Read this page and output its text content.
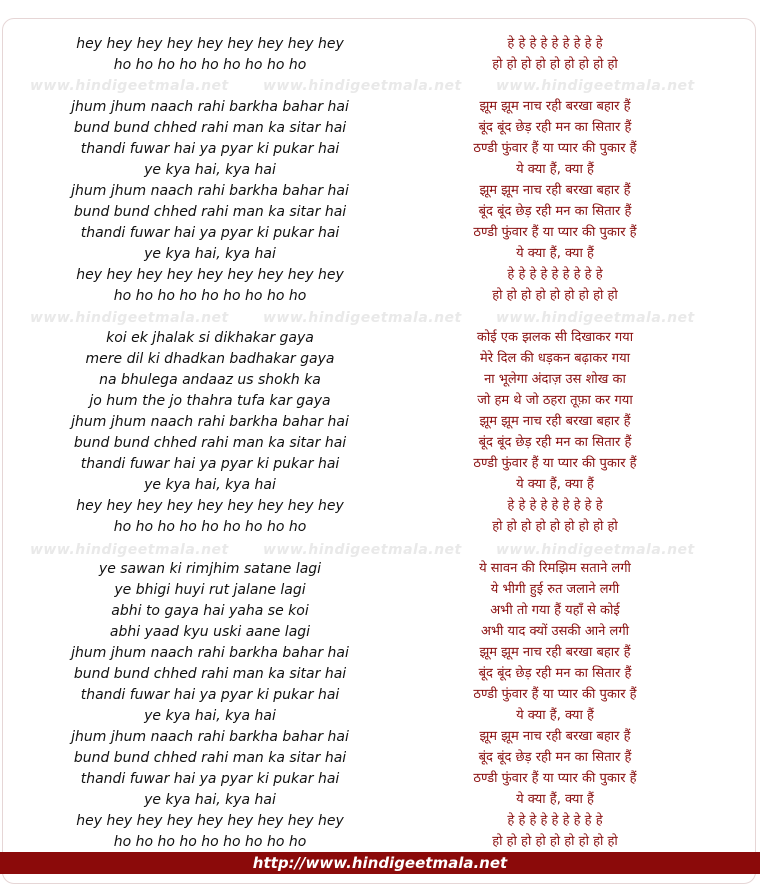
www.hindigeetmala.net www.hindigeetmala.net www.hindigeetmala.net
www.hindigeetmala.net www.hindigeetmala.net www.hindigeetmala.net
www.hindigeetmala.net www.hindigeetmala.net www.hindigeetmala.net
hey hey hey hey hey hey hey hey hey	हे हे हे हे हे हे हे हे हे
ho ho ho ho ho ho ho ho ho	हो हो हो हो हो हो हो हो हो
jhum jhum naach rahi barkha bahar hai	झूम झूम नाच रही बरखा बहार हैं
bund bund chhed rahi man ka sitar hai	बूंद बूंद छेड़ रही मन का सितार हैं
thandi fuwar hai ya pyar ki pukar hai	ठण्डी फुंवार हैं या प्यार की पुकार हैं
ye kya hai, kya hai	ये क्या हैं, क्या हैं
jhum jhum naach rahi barkha bahar hai	झूम झूम नाच रही बरखा बहार हैं
bund bund chhed rahi man ka sitar hai	बूंद बूंद छेड़ रही मन का सितार हैं
thandi fuwar hai ya pyar ki pukar hai	ठण्डी फुंवार हैं या प्यार की पुकार हैं
ye kya hai, kya hai	ये क्या हैं, क्या हैं
hey hey hey hey hey hey hey hey hey	हे हे हे हे हे हे हे हे हे
ho ho ho ho ho ho ho ho ho	हो हो हो हो हो हो हो हो हो
koi ek jhalak si dikhakar gaya	कोई एक झलक सी दिखाकर गया
mere dil ki dhadkan badhakar gaya	मेरे दिल की धड़कन बढ़ाकर गया
na bhulega andaaz us shokh ka	ना भूलेगा अंदाज़ उस शोख का
jo hum the jo thahra tufa kar gaya	जो हम थे जो ठहरा तूफ़ा कर गया
jhum jhum naach rahi barkha bahar hai	झूम झूम नाच रही बरखा बहार हैं
bund bund chhed rahi man ka sitar hai	बूंद बूंद छेड़ रही मन का सितार हैं
thandi fuwar hai ya pyar ki pukar hai	ठण्डी फुंवार हैं या प्यार की पुकार हैं
ye kya hai, kya hai	ये क्या हैं, क्या हैं
hey hey hey hey hey hey hey hey hey	हे हे हे हे हे हे हे हे हे
ho ho ho ho ho ho ho ho ho	हो हो हो हो हो हो हो हो हो
ye sawan ki rimjhim satane lagi	ये सावन की रिमझिम सताने लगी
ye bhigi huyi rut jalane lagi	ये भीगी हुई रुत जलाने लगी
abhi to gaya hai yaha se koi	अभी तो गया हैं यहाँ से कोई
abhi yaad kyu uski aane lagi	अभी याद क्यों उसकी आने लगी
jhum jhum naach rahi barkha bahar hai	झूम झूम नाच रही बरखा बहार हैं
bund bund chhed rahi man ka sitar hai	बूंद बूंद छेड़ रही मन का सितार हैं
thandi fuwar hai ya pyar ki pukar hai	ठण्डी फुंवार हैं या प्यार की पुकार हैं
ye kya hai, kya hai	ये क्या हैं, क्या हैं
jhum jhum naach rahi barkha bahar hai	झूम झूम नाच रही बरखा बहार हैं
bund bund chhed rahi man ka sitar hai	बूंद बूंद छेड़ रही मन का सितार हैं
thandi fuwar hai ya pyar ki pukar hai	ठण्डी फुंवार हैं या प्यार की पुकार हैं
ye kya hai, kya hai	ये क्या हैं, क्या हैं
hey hey hey hey hey hey hey hey hey	हे हे हे हे हे हे हे हे हे
ho ho ho ho ho ho ho ho ho	हो हो हो हो हो हो हो हो हो
http://www.hindigeetmala.net
